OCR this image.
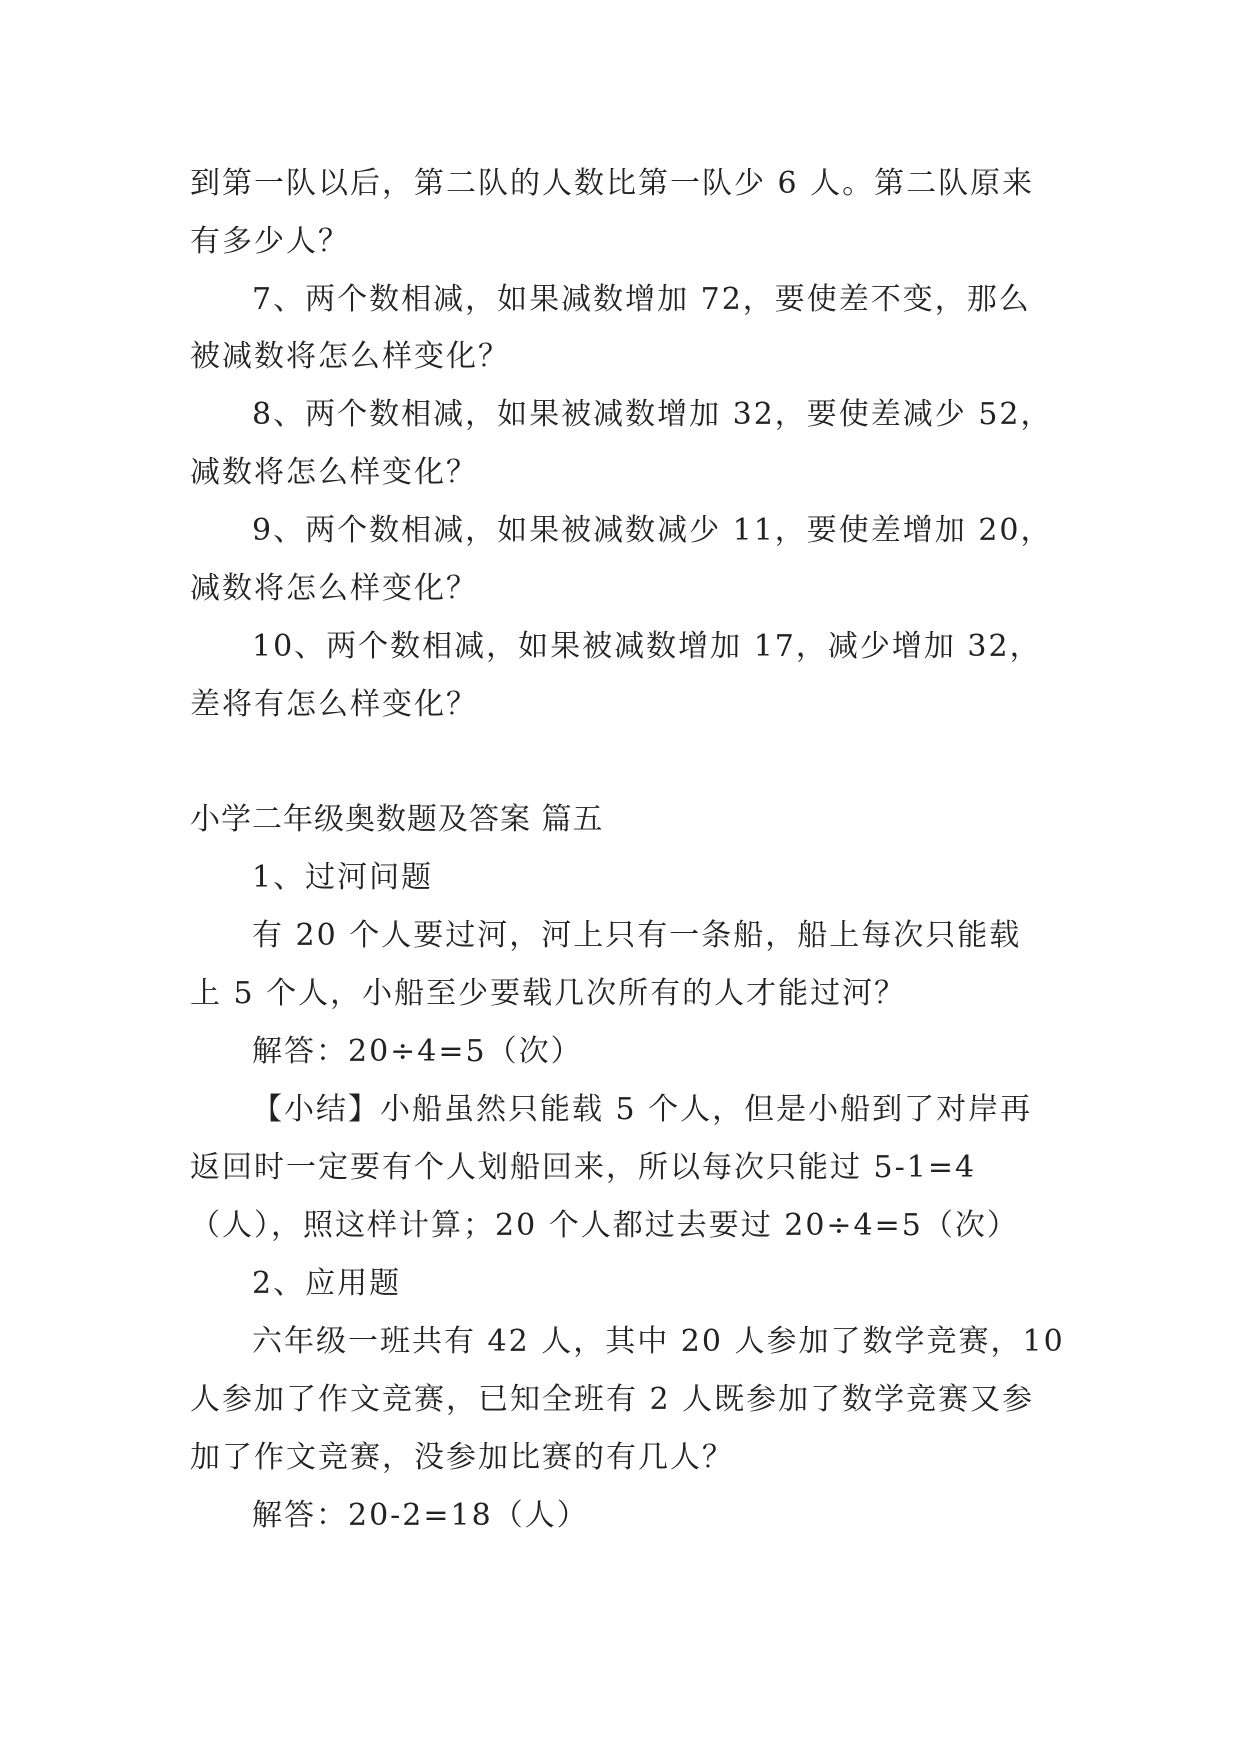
到第一队以后，第二队的人数比第一队少 6 人。第二队原来
有多少人？
7、两个数相减，如果减数增加 72，要使差不变，那么
被减数将怎么样变化？
8、两个数相减，如果被减数增加 32，要使差减少 52，
减数将怎么样变化？
9、两个数相减，如果被减数减少 11，要使差增加 20，
减数将怎么样变化？
10、两个数相减，如果被减数增加 17，减少增加 32，
差将有怎么样变化？
小学二年级奥数题及答案 篇五
1、过河问题
有 20 个人要过河，河上只有一条船，船上每次只能载
上 5 个人，小船至少要载几次所有的人才能过河？
解答：20÷4=5（次）
【小结】小船虽然只能载 5 个人，但是小船到了对岸再
返回时一定要有个人划船回来，所以每次只能过 5-1=4
（人），照这样计算；20 个人都过去要过 20÷4=5（次）
2、应用题
六年级一班共有 42 人，其中 20 人参加了数学竞赛，10
人参加了作文竞赛，已知全班有 2 人既参加了数学竞赛又参
加了作文竞赛，没参加比赛的有几人？
解答：20-2=18（人）
